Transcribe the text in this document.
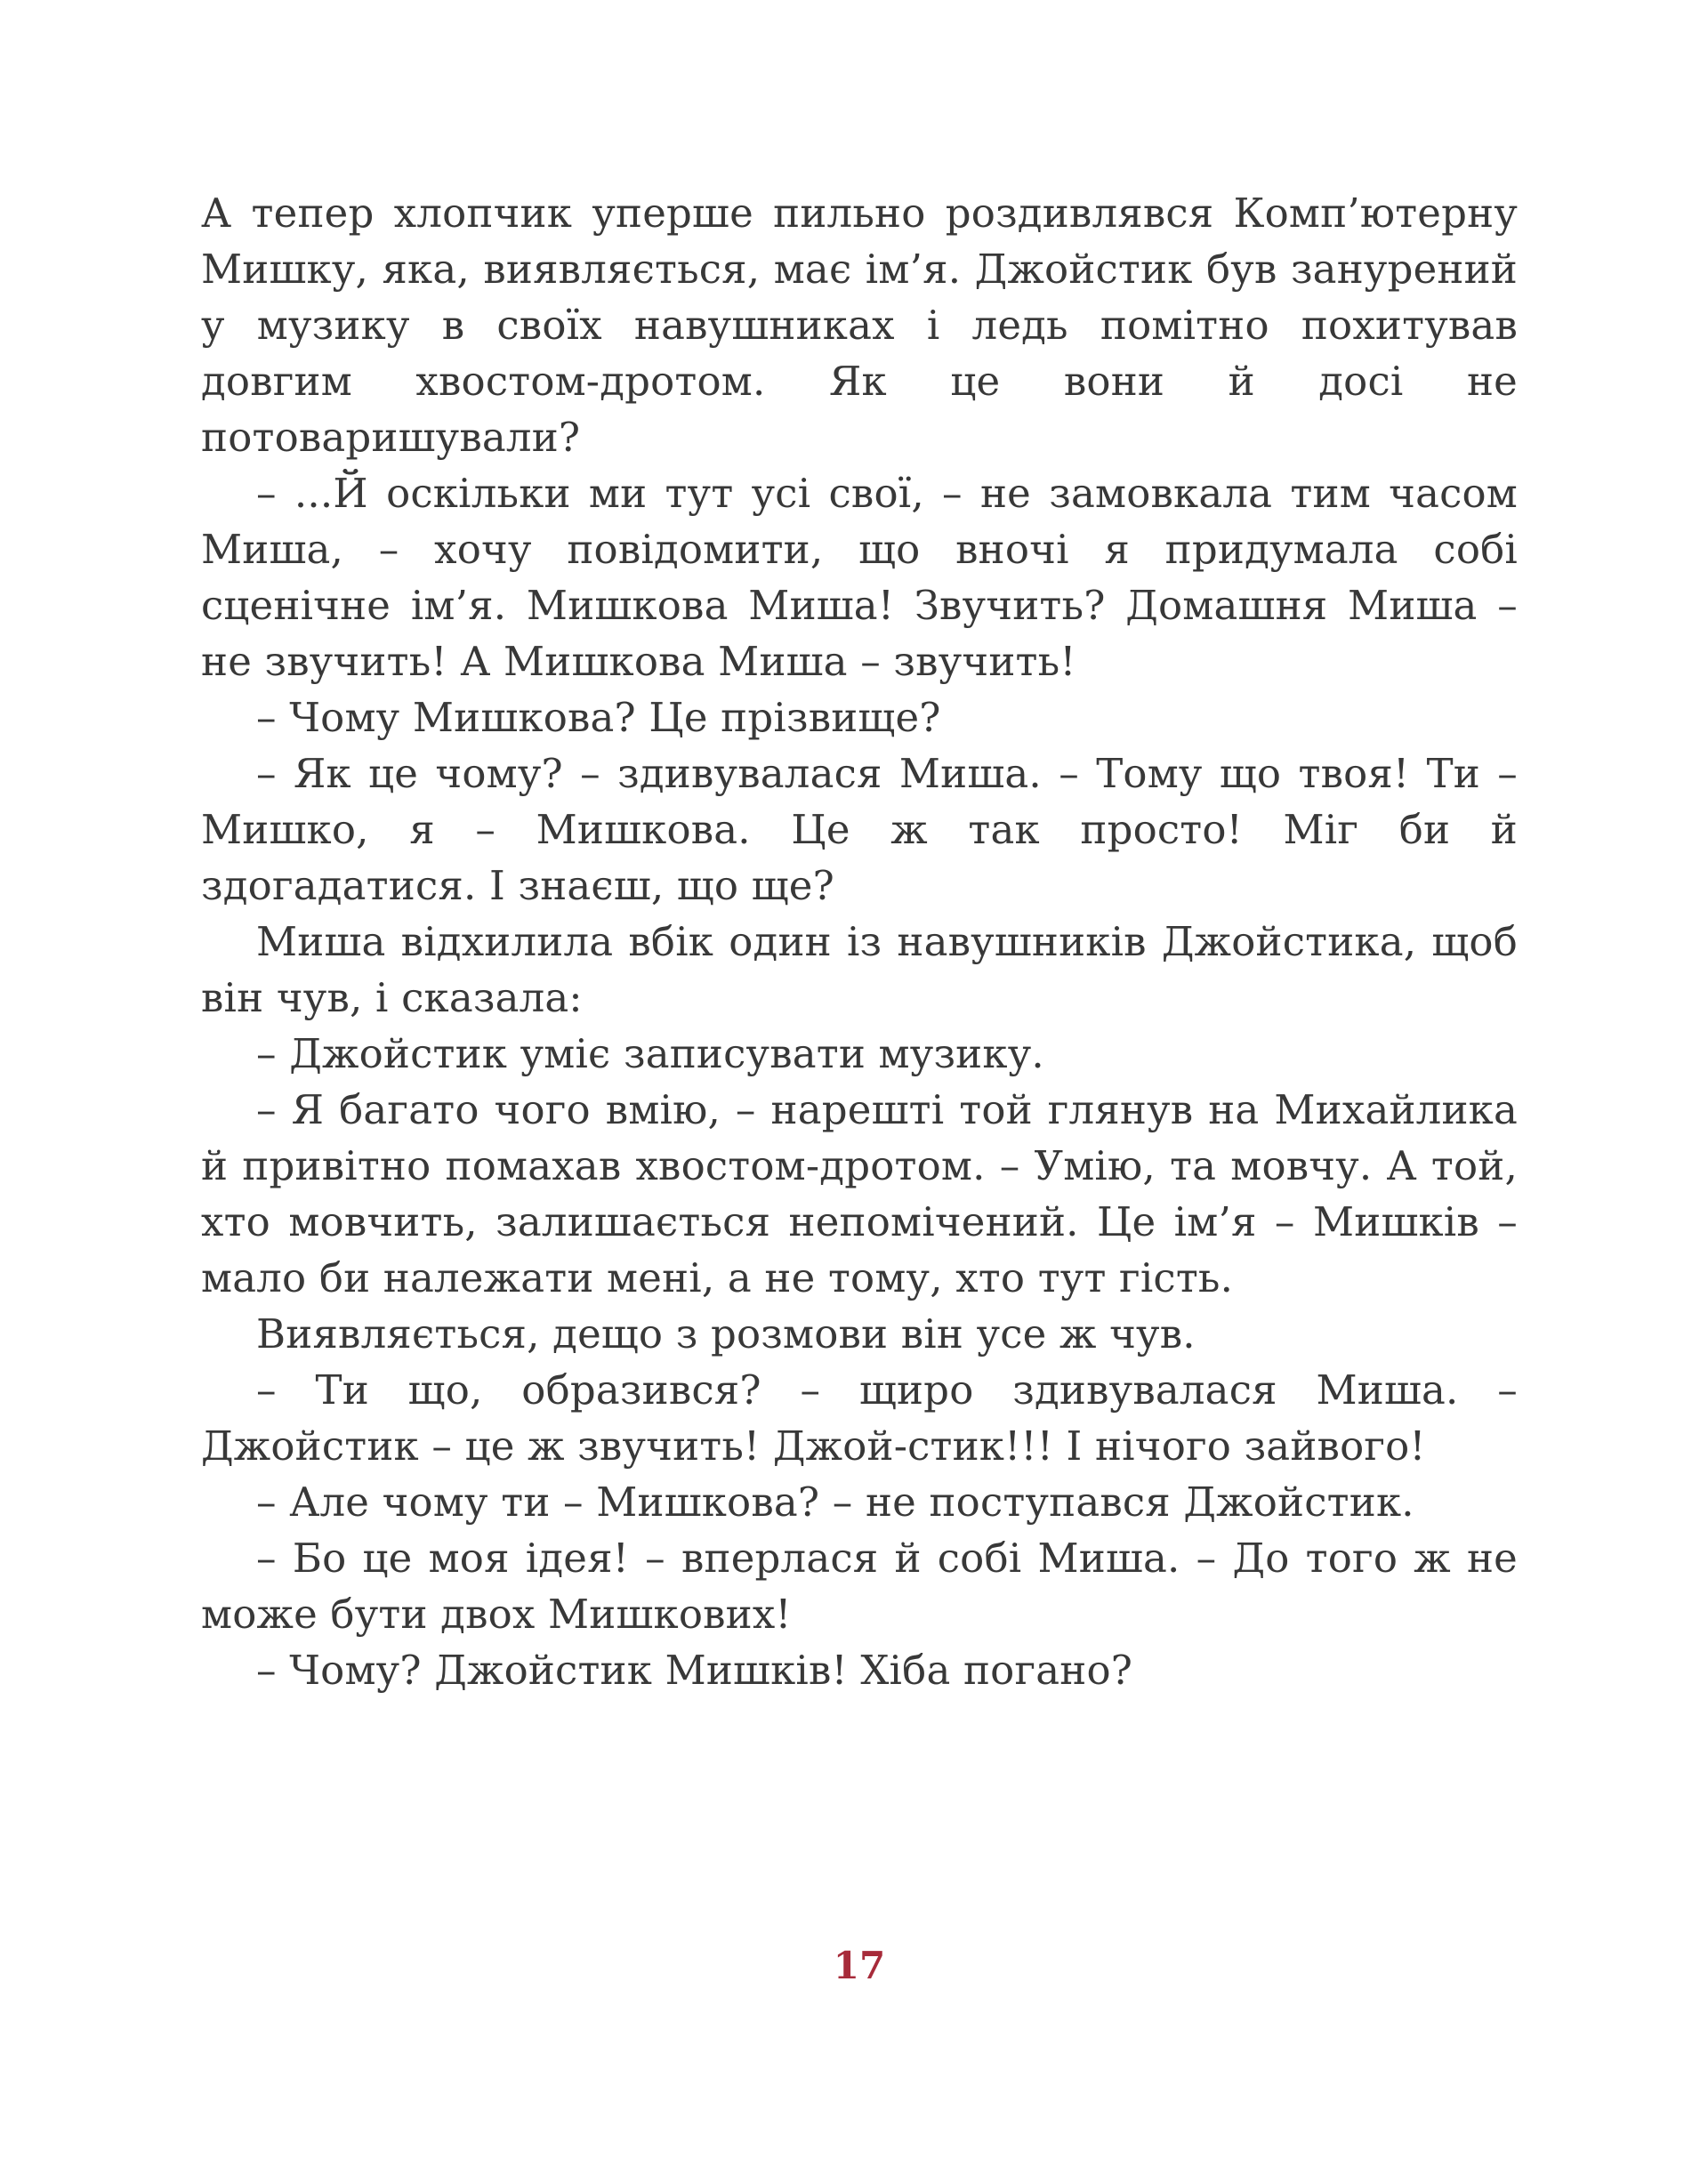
А тепер хлопчик уперше пильно роздивлявся Комп’ютерну Мишку, яка, виявляється, має ім’я. Джойстик був занурений у музику в своїх навушниках і ледь помітно похитував довгим хвостом-дротом. Як це вони й досі не потоваришували?

– ...Й оскільки ми тут усі свої, – не замовкала тим часом Миша, – хочу повідомити, що вночі я придумала собі сценічне ім’я. Мишкова Миша! Звучить? Домашня Миша – не звучить! А Мишкова Миша – звучить!

– Чому Мишкова? Це прізвище?

– Як це чому? – здивувалася Миша. – Тому що твоя! Ти – Мишко, я – Мишкова. Це ж так просто! Міг би й здогадатися. І знаєш, що ще?

Миша відхилила вбік один із навушників Джойстика, щоб він чув, і сказала:

– Джойстик уміє записувати музику.

– Я багато чого вмію, – нарешті той глянув на Михайлика й привітно помахав хвостом-дротом. – Умію, та мовчу. А той, хто мовчить, залишається непомічений. Це ім’я – Мишків – мало би належати мені, а не тому, хто тут гість.

Виявляється, дещо з розмови він усе ж чув.

– Ти що, образився? – щиро здивувалася Миша. – Джойстик – це ж звучить! Джой-стик!!! І нічого зайвого!

– Але чому ти – Мишкова? – не поступався Джойстик.

– Бо це моя ідея! – вперлася й собі Миша. – До того ж не може бути двох Мишкових!

– Чому? Джойстик Мишків! Хіба погано?

17
